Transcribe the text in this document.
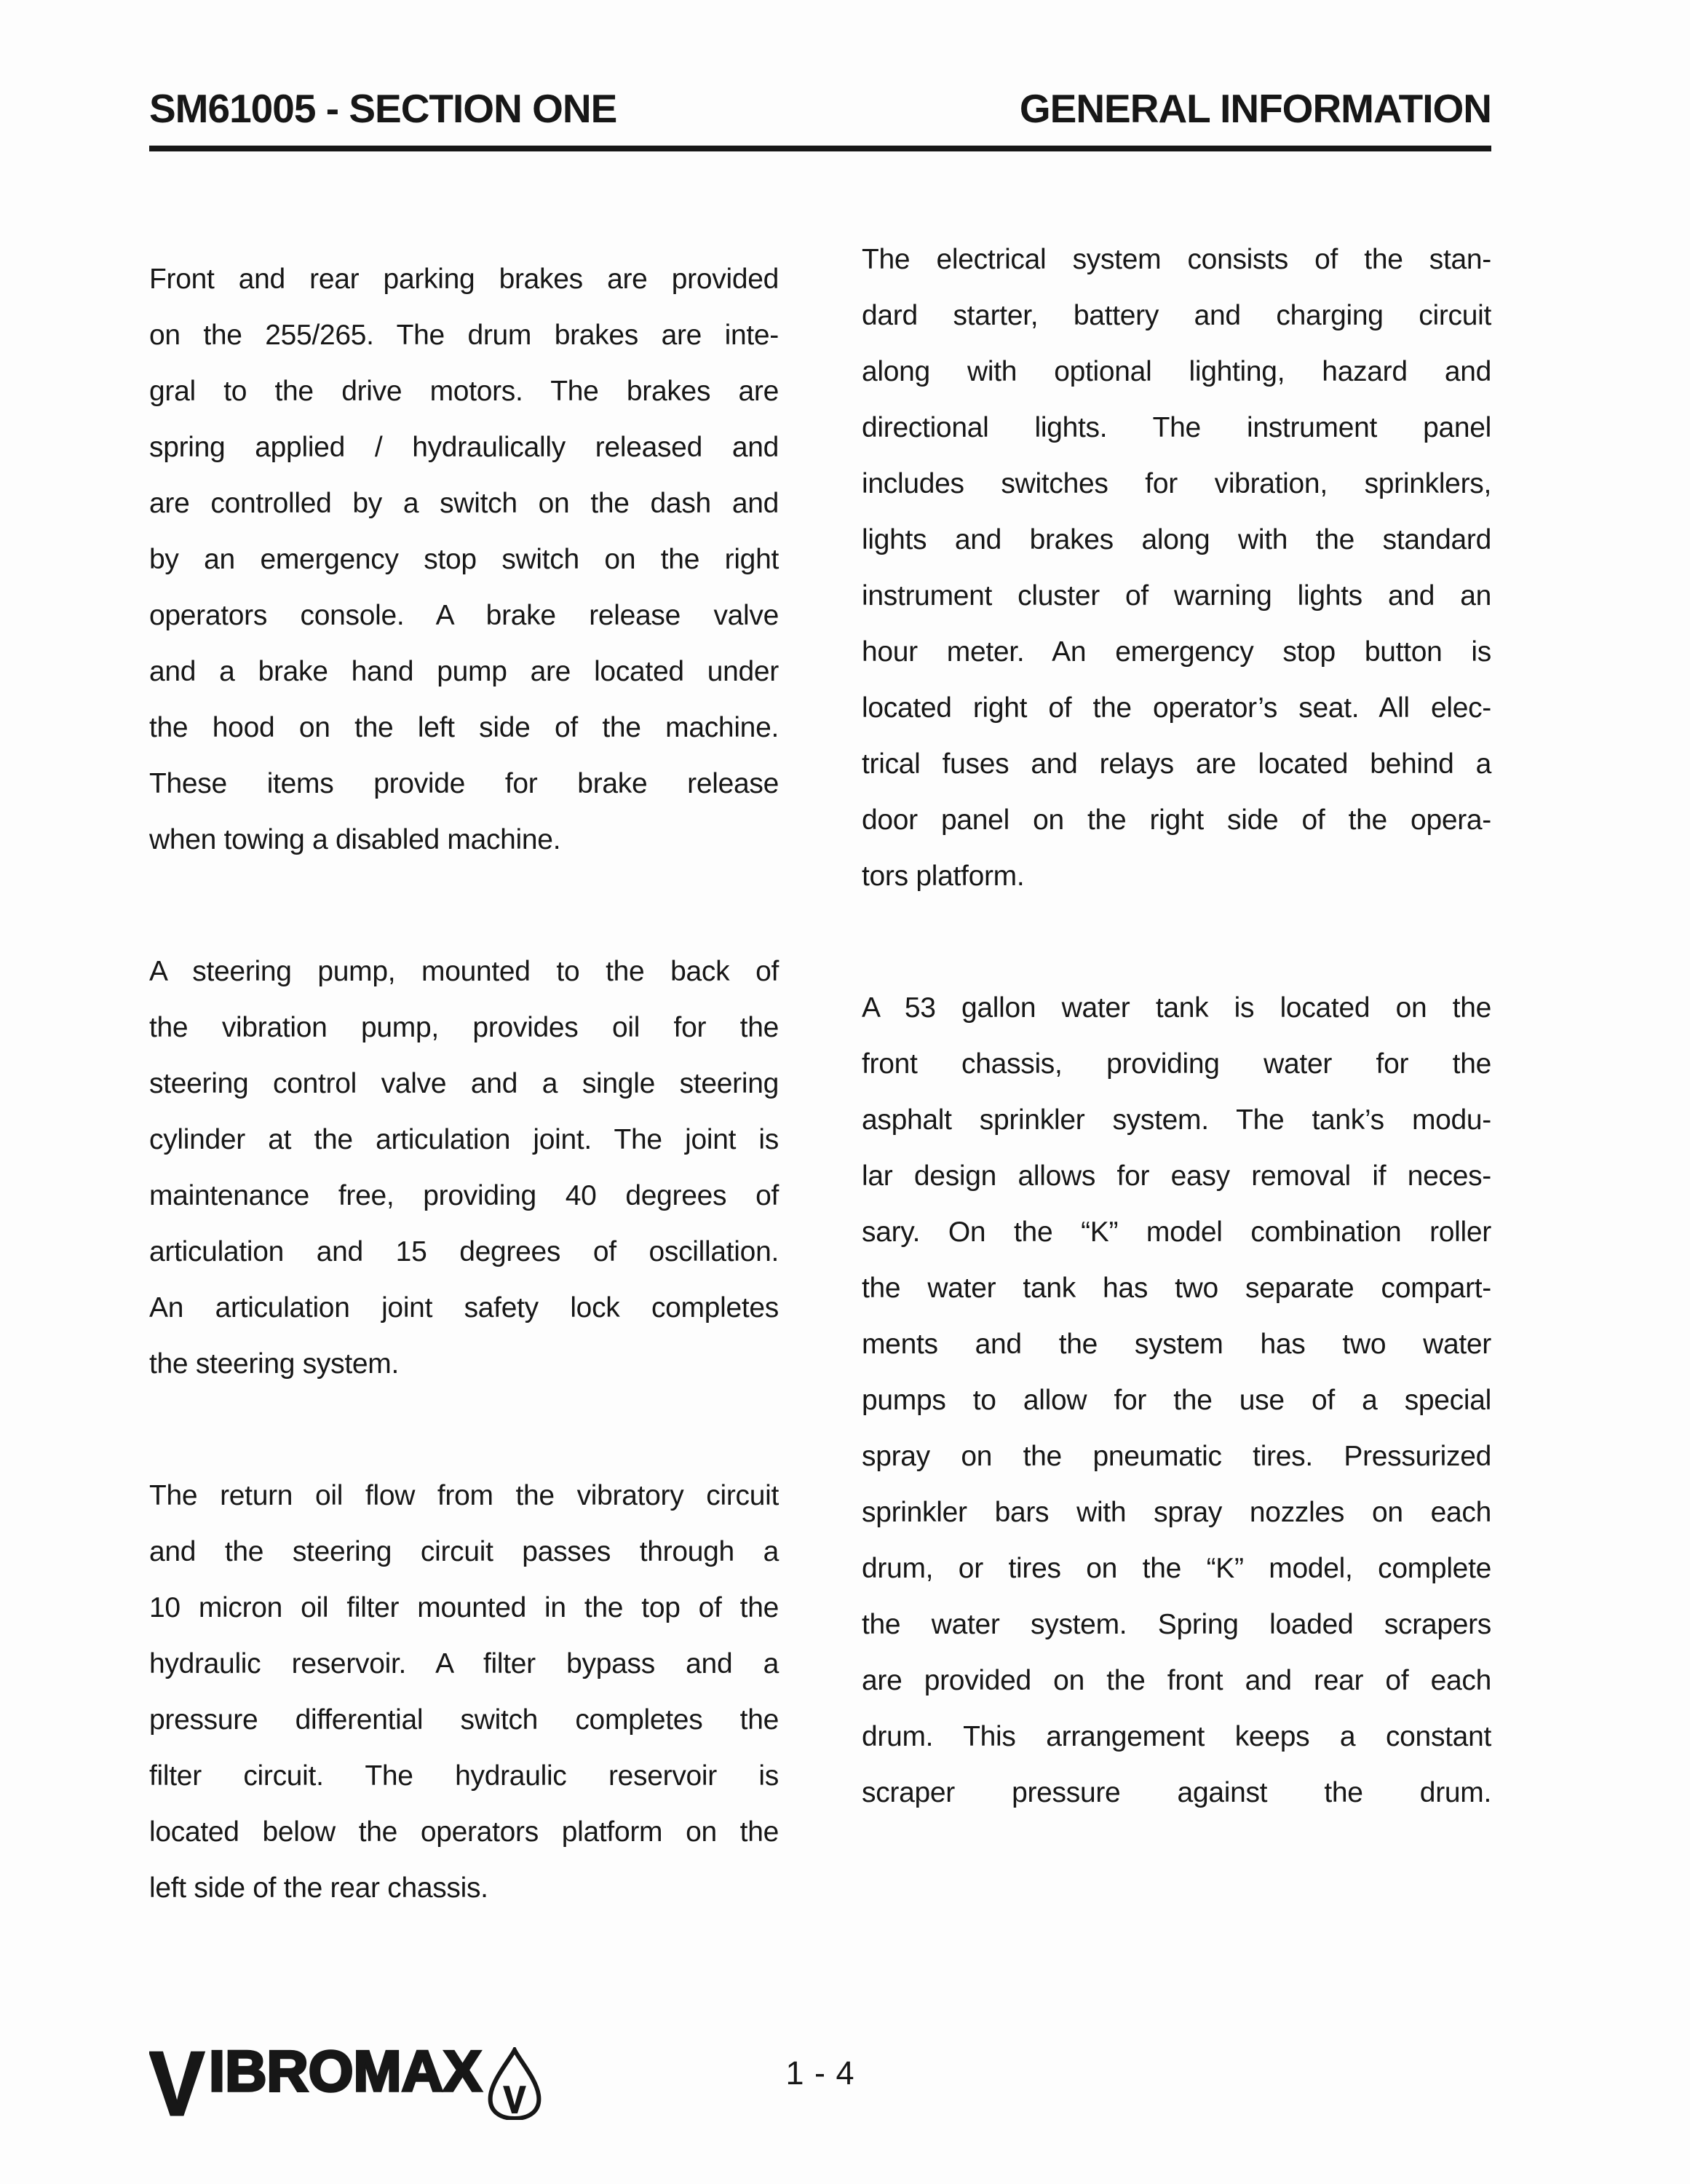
SM61005 - SECTION ONE	GENERAL INFORMATION
Front and rear parking brakes are provided
on the 255/265. The drum brakes are inte-
gral to the drive motors. The brakes are
spring applied / hydraulically released and
are controlled by a switch on the dash and
by an emergency stop switch on the right
operators console. A brake release valve
and a brake hand pump are located under
the hood on the left side of the machine.
These items provide for brake release
when towing a disabled machine.
A steering pump, mounted to the back of
the vibration pump, provides oil for the
steering control valve and a single steering
cylinder at the articulation joint. The joint is
maintenance free, providing 40 degrees of
articulation and 15 degrees of oscillation.
An articulation joint safety lock completes
the steering system.
The return oil flow from the vibratory circuit
and the steering circuit passes through a
10 micron oil filter mounted in the top of the
hydraulic reservoir. A filter bypass and a
pressure differential switch completes the
filter circuit. The hydraulic reservoir is
located below the operators platform on the
left side of the rear chassis.
The electrical system consists of the stan-
dard starter, battery and charging circuit
along with optional lighting, hazard and
directional lights. The instrument panel
includes switches for vibration, sprinklers,
lights and brakes along with the standard
instrument cluster of warning lights and an
hour meter. An emergency stop button is
located right of the operator’s seat. All elec-
trical fuses and relays are located behind a
door panel on the right side of the opera-
tors platform.
A 53 gallon water tank is located on the
front chassis, providing water for the
asphalt sprinkler system. The tank’s modu-
lar design allows for easy removal if neces-
sary. On the “K” model combination roller
the water tank has two separate compart-
ments and the system has two water
pumps to allow for the use of a special
spray on the pneumatic tires. Pressurized
sprinkler bars with spray nozzles on each
drum, or tires on the “K” model, complete
the water system. Spring loaded scrapers
are provided on the front and rear of each
drum. This arrangement keeps a constant
scraper pressure against the drum.
V IBROMAX V
1 - 4
